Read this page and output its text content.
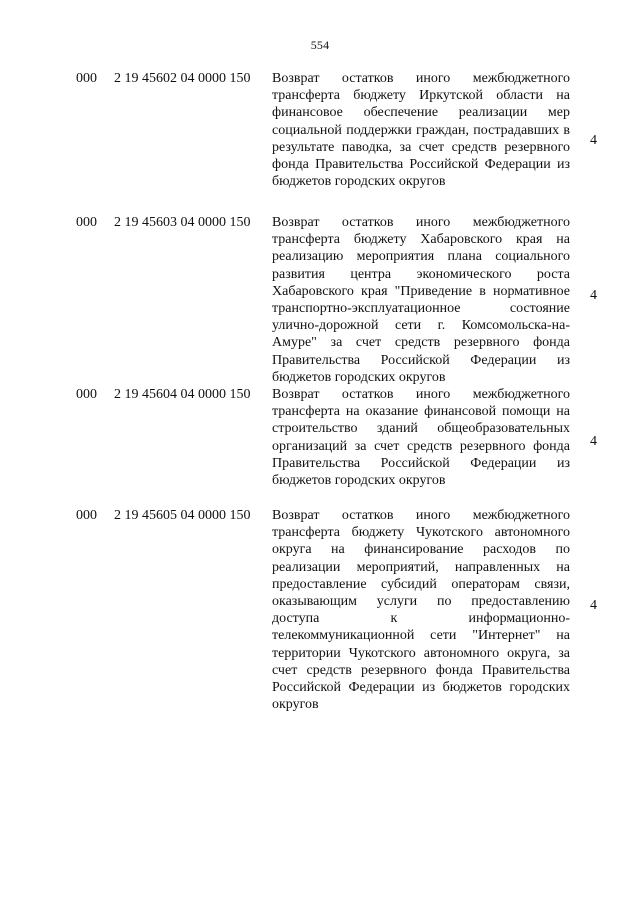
554
000 2 19 45602 04 0000 150 Возврат остатков иного межбюджетного трансферта бюджету Иркутской области на финансовое обеспечение реализации мер социальной поддержки граждан, пострадавших в результате паводка, за счет средств резервного фонда Правительства Российской Федерации из бюджетов городских округов
4
000 2 19 45603 04 0000 150 Возврат остатков иного межбюджетного трансферта бюджету Хабаровского края на реализацию мероприятия плана социального развития центра экономического роста Хабаровского края "Приведение в нормативное транспортно-эксплуатационное состояние улично-дорожной сети г. Комсомольска-на-Амуре" за счет средств резервного фонда Правительства Российской Федерации из бюджетов городских округов
4
000 2 19 45604 04 0000 150 Возврат остатков иного межбюджетного трансферта на оказание финансовой помощи на строительство зданий общеобразовательных организаций за счет средств резервного фонда Правительства Российской Федерации из бюджетов городских округов
4
000 2 19 45605 04 0000 150 Возврат остатков иного межбюджетного трансферта бюджету Чукотского автономного округа на финансирование расходов по реализации мероприятий, направленных на предоставление субсидий операторам связи, оказывающим услуги по предоставлению доступа к информационно-телекоммуникационной сети "Интернет" на территории Чукотского автономного округа, за счет средств резервного фонда Правительства Российской Федерации из бюджетов городских округов
4
